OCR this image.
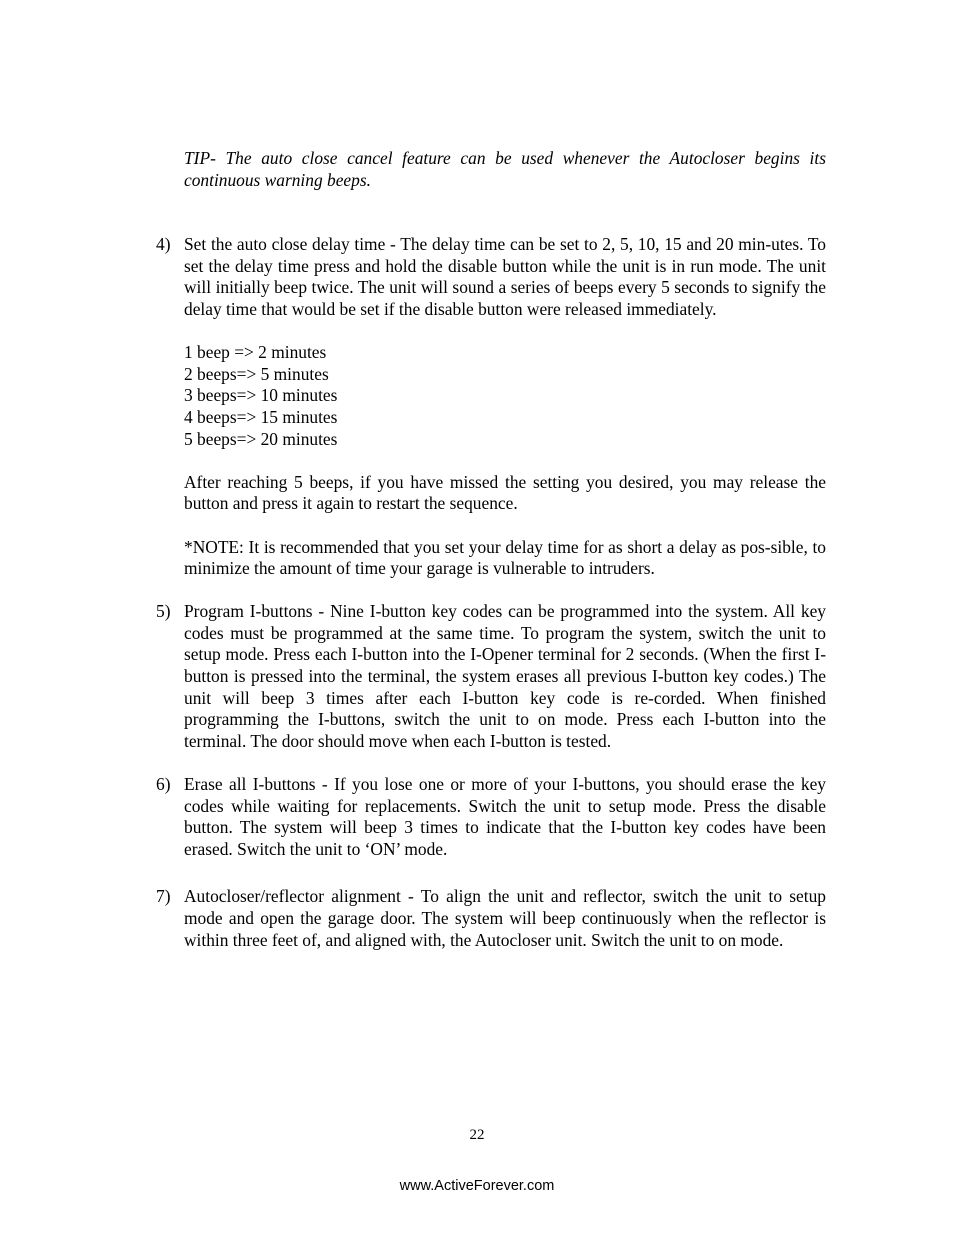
TIP- The auto close cancel feature can be used whenever the Autocloser begins its continuous warning beeps.
4) Set the auto close delay time - The delay time can be set to 2, 5, 10, 15 and 20 min-utes. To set the delay time press and hold the disable button while the unit is in run mode. The unit will initially beep twice. The unit will sound a series of beeps every 5 seconds to signify the delay time that would be set if the disable button were released immediately.

1 beep => 2 minutes
2 beeps=> 5 minutes
3 beeps=> 10 minutes
4 beeps=> 15 minutes
5 beeps=> 20 minutes

After reaching 5 beeps, if you have missed the setting you desired, you may release the button and press it again to restart the sequence.

*NOTE: It is recommended that you set your delay time for as short a delay as pos-sible, to minimize the amount of time your garage is vulnerable to intruders.

5) Program I-buttons - Nine I-button key codes can be programmed into the system. All key codes must be programmed at the same time. To program the system, switch the unit to setup mode. Press each I-button into the I-Opener terminal for 2 seconds. (When the first I-button is pressed into the terminal, the system erases all previous I-button key codes.) The unit will beep 3 times after each I-button key code is re-corded. When finished programming the I-buttons, switch the unit to on mode. Press each I-button into the terminal. The door should move when each I-button is tested.

6) Erase all I-buttons - If you lose one or more of your I-buttons, you should erase the key codes while waiting for replacements. Switch the unit to setup mode. Press the disable button. The system will beep 3 times to indicate that the I-button key codes have been erased. Switch the unit to ‘ON’ mode.

7) Autocloser/reflector alignment - To align the unit and reflector, switch the unit to setup mode and open the garage door. The system will beep continuously when the reflector is within three feet of, and aligned with, the Autocloser unit. Switch the unit to on mode.

22
www.ActiveForever.com
